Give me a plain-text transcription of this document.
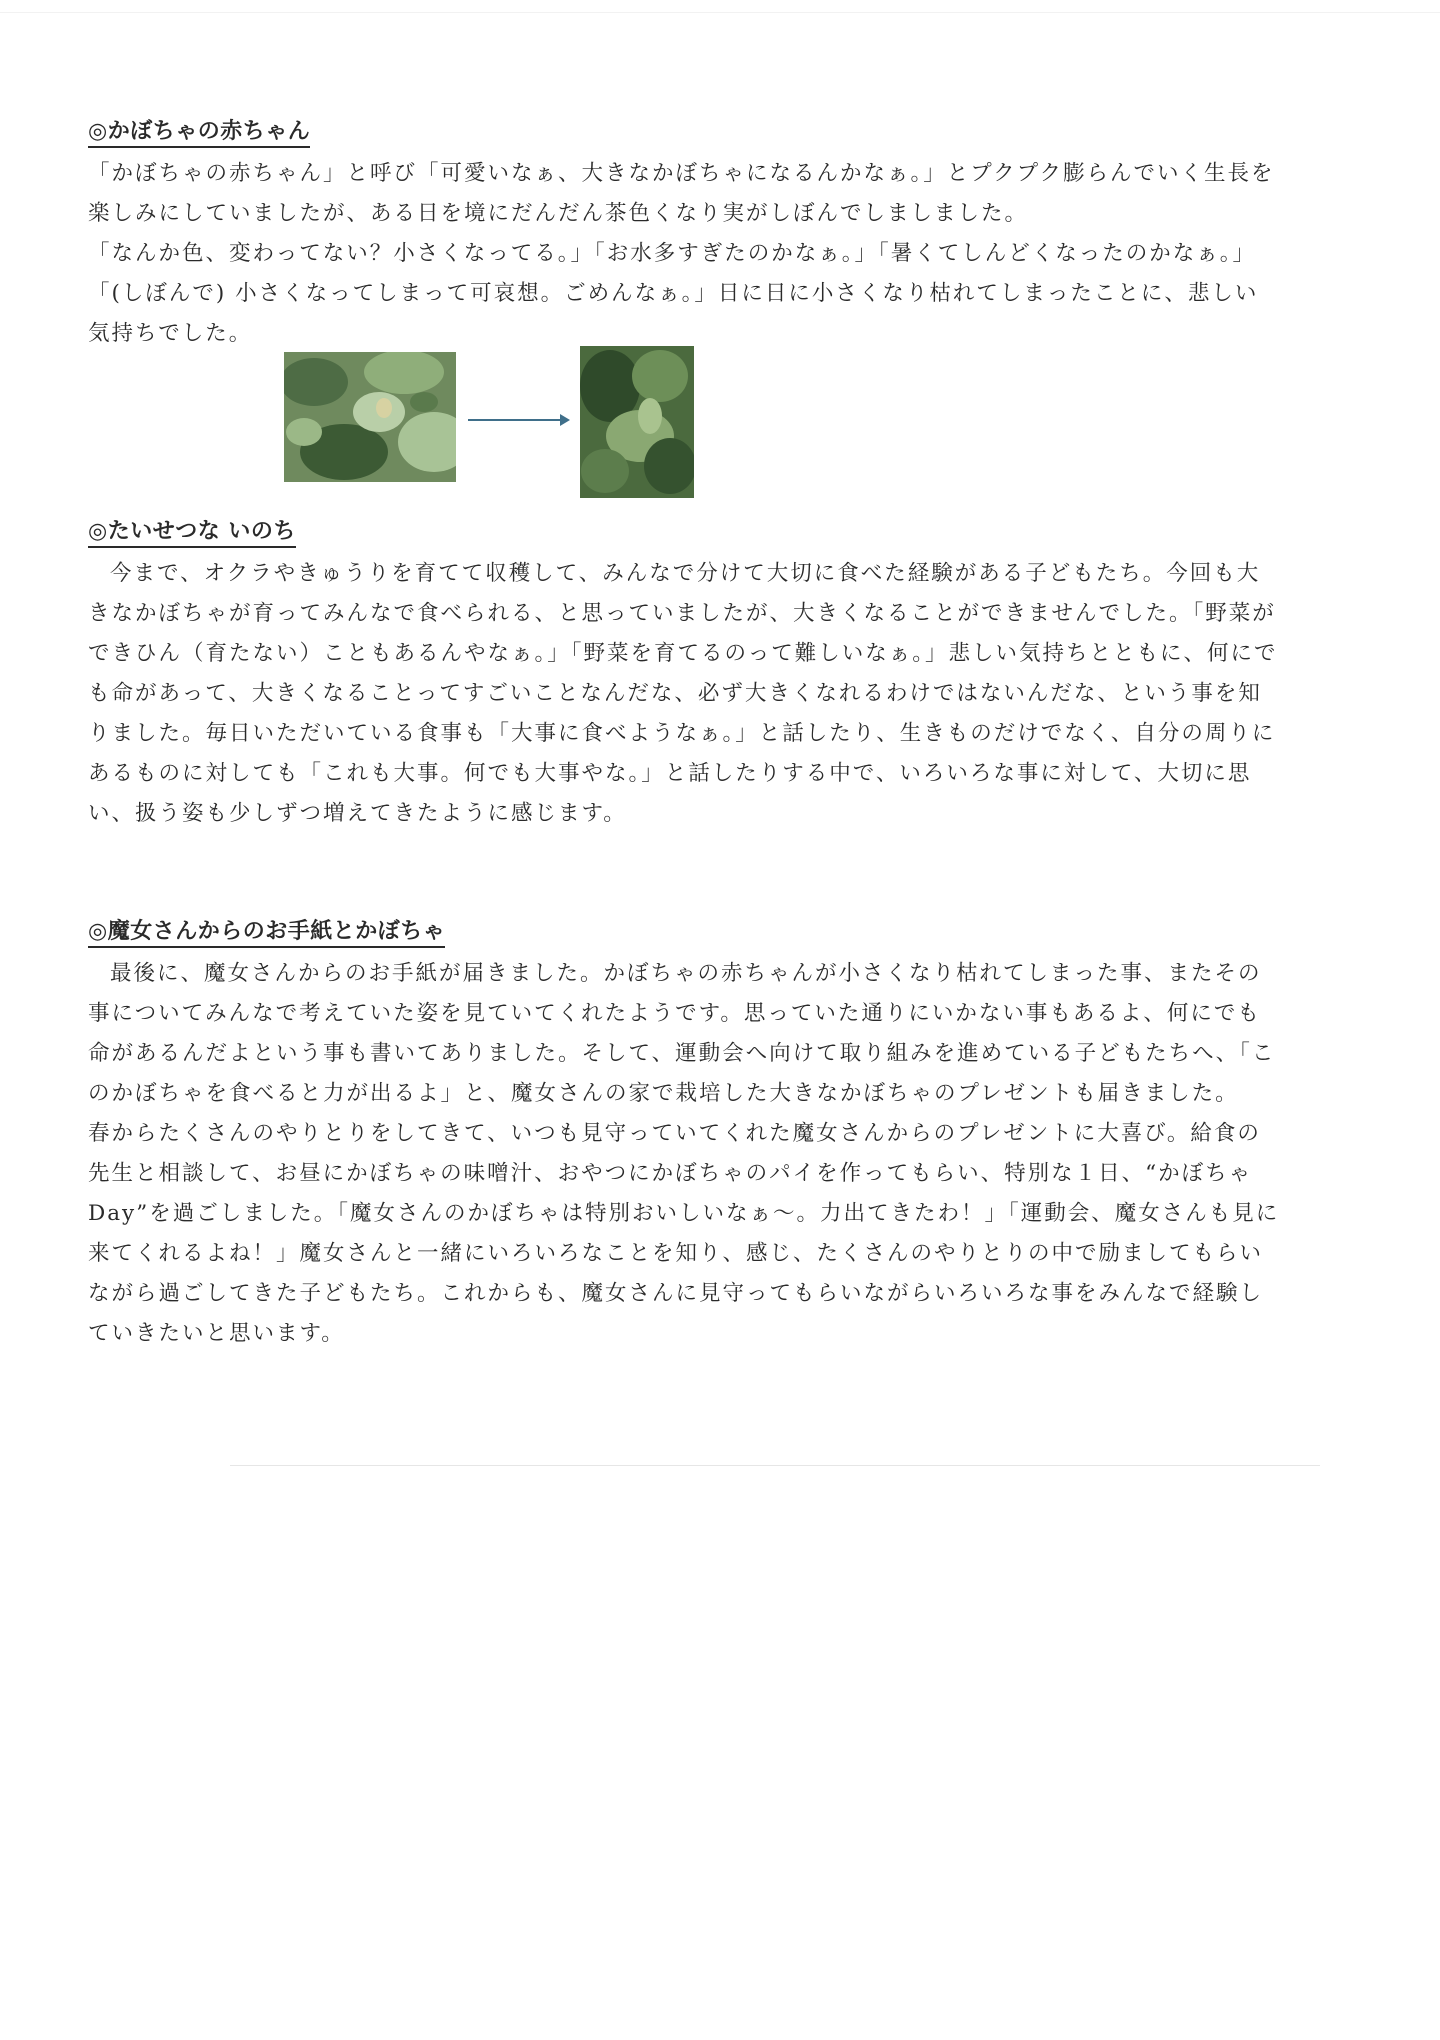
◎かぼちゃの赤ちゃん

「かぼちゃの赤ちゃん」と呼び「可愛いなぁ、大きなかぼちゃになるんかなぁ。」とプクプク膨らんでいく生長を
楽しみにしていましたが、ある日を境にだんだん茶色くなり実がしぼんでしましました。
「なんか色、変わってない？小さくなってる。」「お水多すぎたのかなぁ。」「暑くてしんどくなったのかなぁ。」
「(しぼんで) 小さくなってしまって可哀想。ごめんなぁ。」日に日に小さくなり枯れてしまったことに、悲しい
気持ちでした。

◎たいせつな いのち

今まで、オクラやきゅうりを育てて収穫して、みんなで分けて大切に食べた経験がある子どもたち。今回も大
きなかぼちゃが育ってみんなで食べられる、と思っていましたが、大きくなることができませんでした。「野菜が
できひん（育たない）こともあるんやなぁ。」「野菜を育てるのって難しいなぁ。」悲しい気持ちとともに、何にで
も命があって、大きくなることってすごいことなんだな、必ず大きくなれるわけではないんだな、という事を知
りました。毎日いただいている食事も「大事に食べようなぁ。」と話したり、生きものだけでなく、自分の周りに
あるものに対しても「これも大事。何でも大事やな。」と話したりする中で、いろいろな事に対して、大切に思
い、扱う姿も少しずつ増えてきたように感じます。

◎魔女さんからのお手紙とかぼちゃ

最後に、魔女さんからのお手紙が届きました。かぼちゃの赤ちゃんが小さくなり枯れてしまった事、またその
事についてみんなで考えていた姿を見ていてくれたようです。思っていた通りにいかない事もあるよ、何にでも
命があるんだよという事も書いてありました。そして、運動会へ向けて取り組みを進めている子どもたちへ、「こ
のかぼちゃを食べると力が出るよ」と、魔女さんの家で栽培した大きなかぼちゃのプレゼントも届きました。
春からたくさんのやりとりをしてきて、いつも見守っていてくれた魔女さんからのプレゼントに大喜び。給食の
先生と相談して、お昼にかぼちゃの味噌汁、おやつにかぼちゃのパイを作ってもらい、特別な１日、“かぼちゃ
Day”を過ごしました。「魔女さんのかぼちゃは特別おいしいなぁ～。力出てきたわ！」「運動会、魔女さんも見に
来てくれるよね！」魔女さんと一緒にいろいろなことを知り、感じ、たくさんのやりとりの中で励ましてもらい
ながら過ごしてきた子どもたち。これからも、魔女さんに見守ってもらいながらいろいろな事をみんなで経験し
ていきたいと思います。
